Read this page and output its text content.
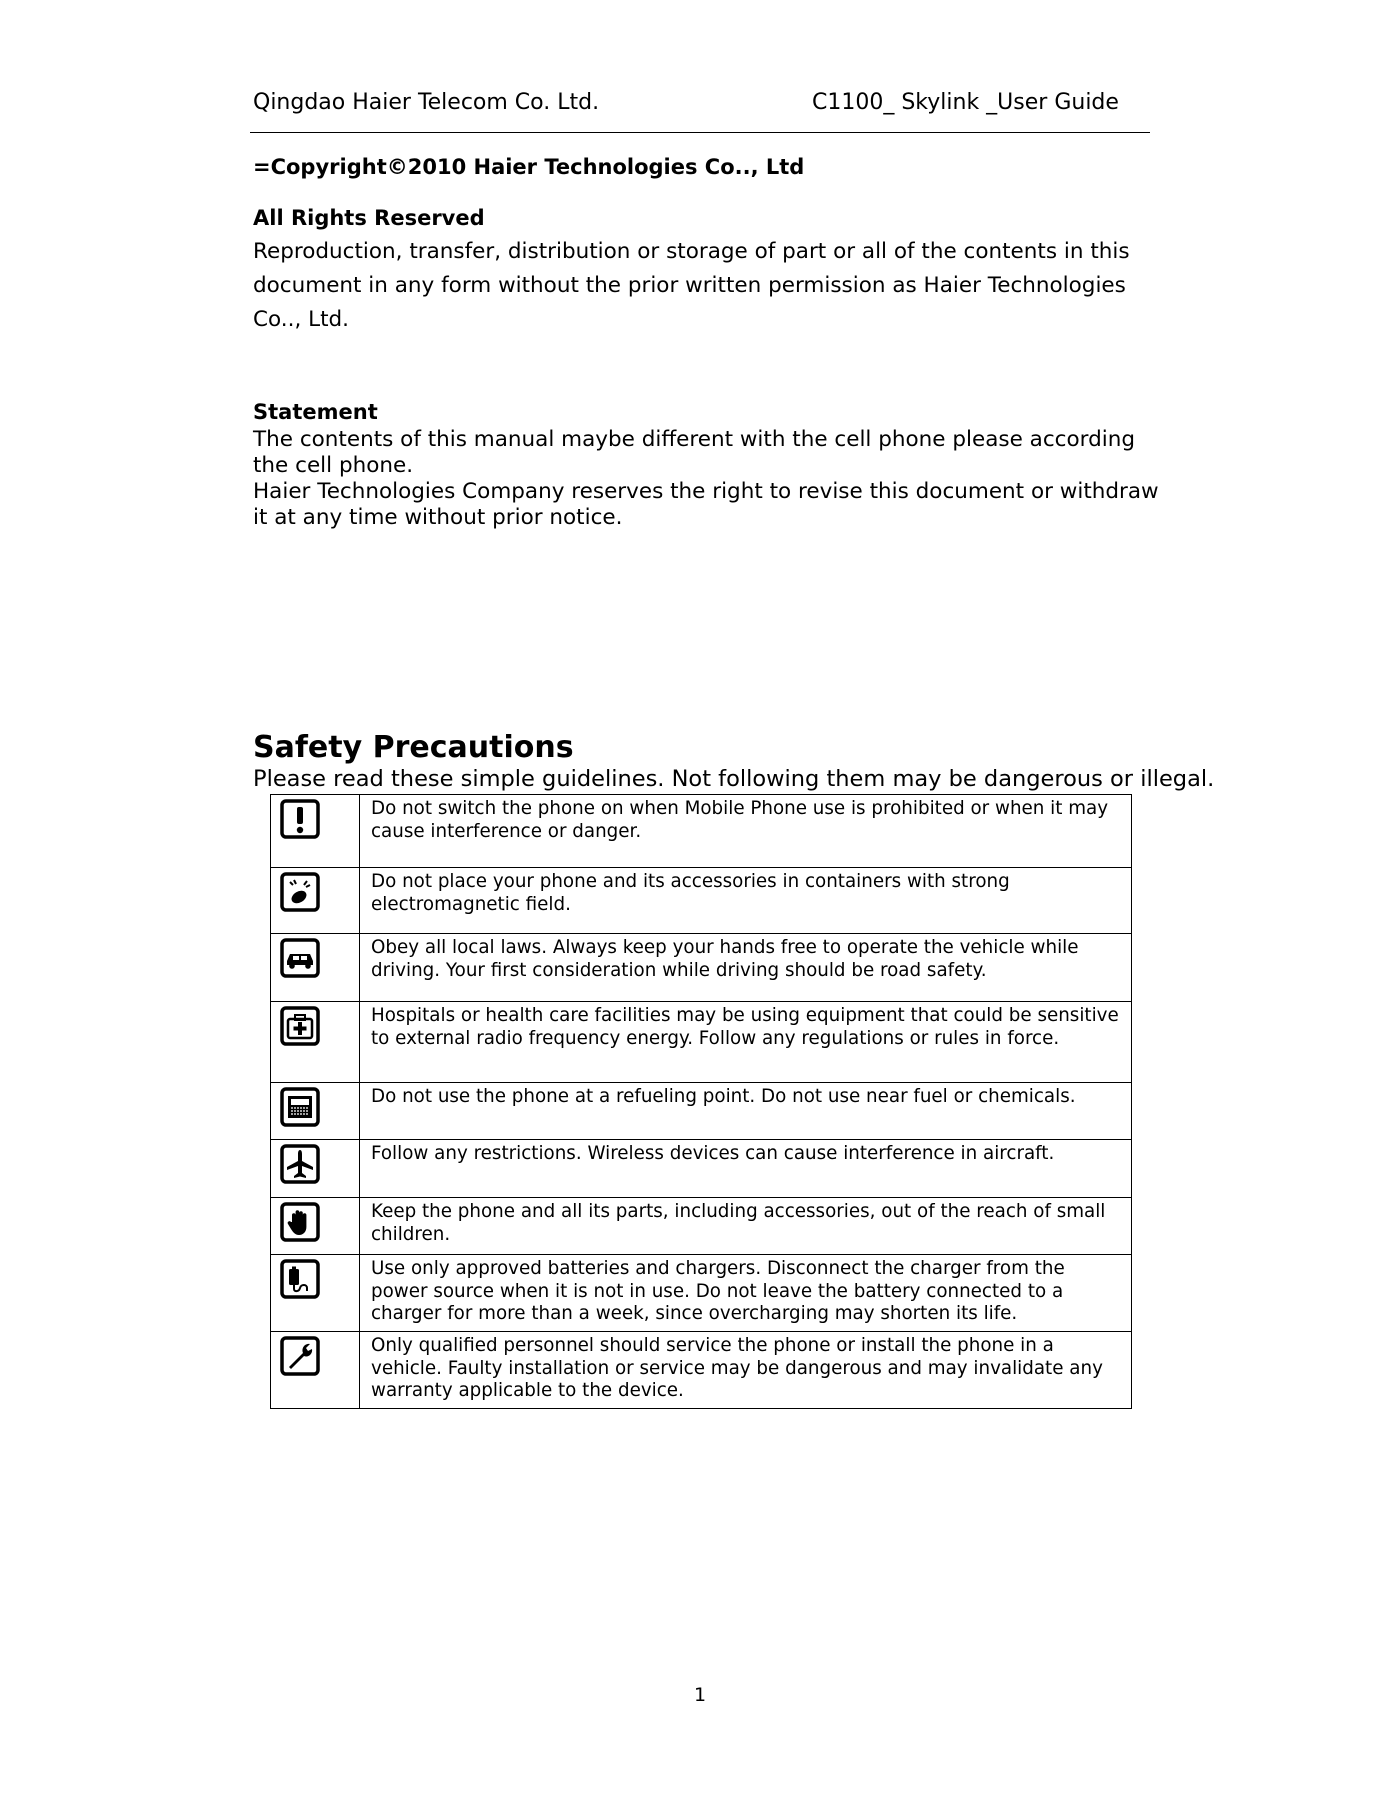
Qingdao Haier Telecom Co. Ltd.	C1100_ Skylink _User Guide
=Copyright©2010 Haier Technologies Co.., Ltd
All Rights Reserved
Reproduction, transfer, distribution or storage of part or all of the contents in this document in any form without the prior written permission as Haier Technologies Co.., Ltd.
Statement

The contents of this manual maybe different with the cell phone please according the cell phone.

Haier Technologies Company reserves the right to revise this document or withdraw it at any time without prior notice.

Safety Precautions
Please read these simple guidelines. Not following them may be dangerous or illegal.
	Do not switch the phone on when Mobile Phone use is prohibited or when it may cause interference or danger.

	Do not place your phone and its accessories in containers with strong electromagnetic field.

	Obey all local laws. Always keep your hands free to operate the vehicle while driving. Your first consideration while driving should be road safety.

	Hospitals or health care facilities may be using equipment that could be sensitive to external radio frequency energy. Follow any regulations or rules in force.

	Do not use the phone at a refueling point. Do not use near fuel or chemicals.

	Follow any restrictions. Wireless devices can cause interference in aircraft.

	Keep the phone and all its parts, including accessories, out of the reach of small children.

	Use only approved batteries and chargers. Disconnect the charger from the power source when it is not in use. Do not leave the battery connected to a charger for more than a week, since overcharging may shorten its life.

	Only qualified personnel should service the phone or install the phone in a vehicle. Faulty installation or service may be dangerous and may invalidate any warranty applicable to the device.
1
